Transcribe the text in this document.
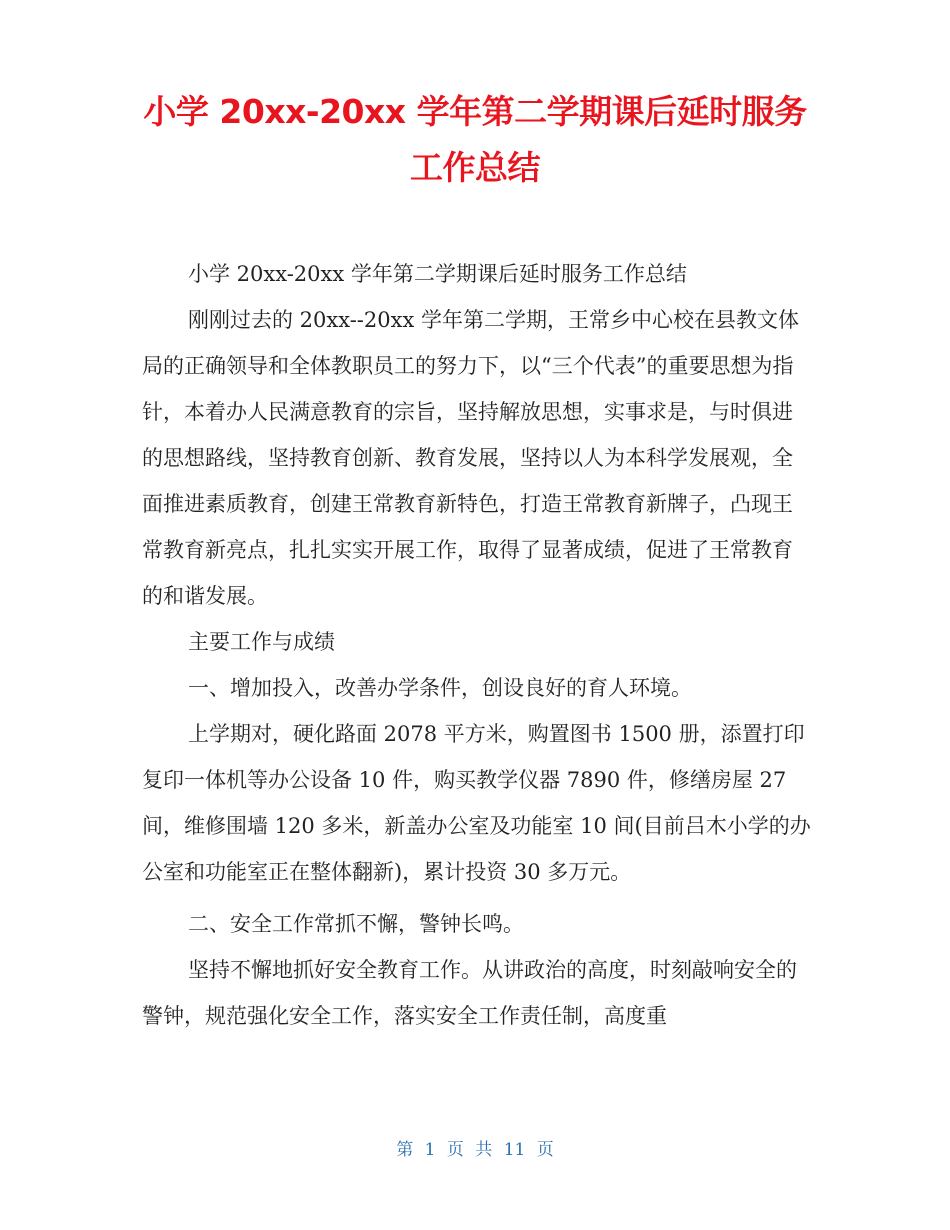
小学 20xx-20xx 学年第二学期课后延时服务
工作总结

小学 20xx-20xx 学年第二学期课后延时服务工作总结

刚刚过去的 20xx--20xx 学年第二学期，王常乡中心校在县教文体局的正确领导和全体教职员工的努力下，以“三个代表”的重要思想为指针，本着办人民满意教育的宗旨，坚持解放思想，实事求是，与时俱进的思想路线，坚持教育创新、教育发展，坚持以人为本科学发展观，全面推进素质教育，创建王常教育新特色，打造王常教育新牌子，凸现王常教育新亮点，扎扎实实开展工作，取得了显著成绩，促进了王常教育的和谐发展。

主要工作与成绩

一、增加投入，改善办学条件，创设良好的育人环境。

上学期对，硬化路面 2078 平方米，购置图书 1500 册，添置打印复印一体机等办公设备 10 件，购买教学仪器 7890 件，修缮房屋 27 间，维修围墙 120 多米，新盖办公室及功能室 10 间(目前吕木小学的办公室和功能室正在整体翻新)，累计投资 30 多万元。

二、安全工作常抓不懈，警钟长鸣。

坚持不懈地抓好安全教育工作。从讲政治的高度，时刻敲响安全的警钟，规范强化安全工作，落实安全工作责任制，高度重

第 1 页 共 11 页
